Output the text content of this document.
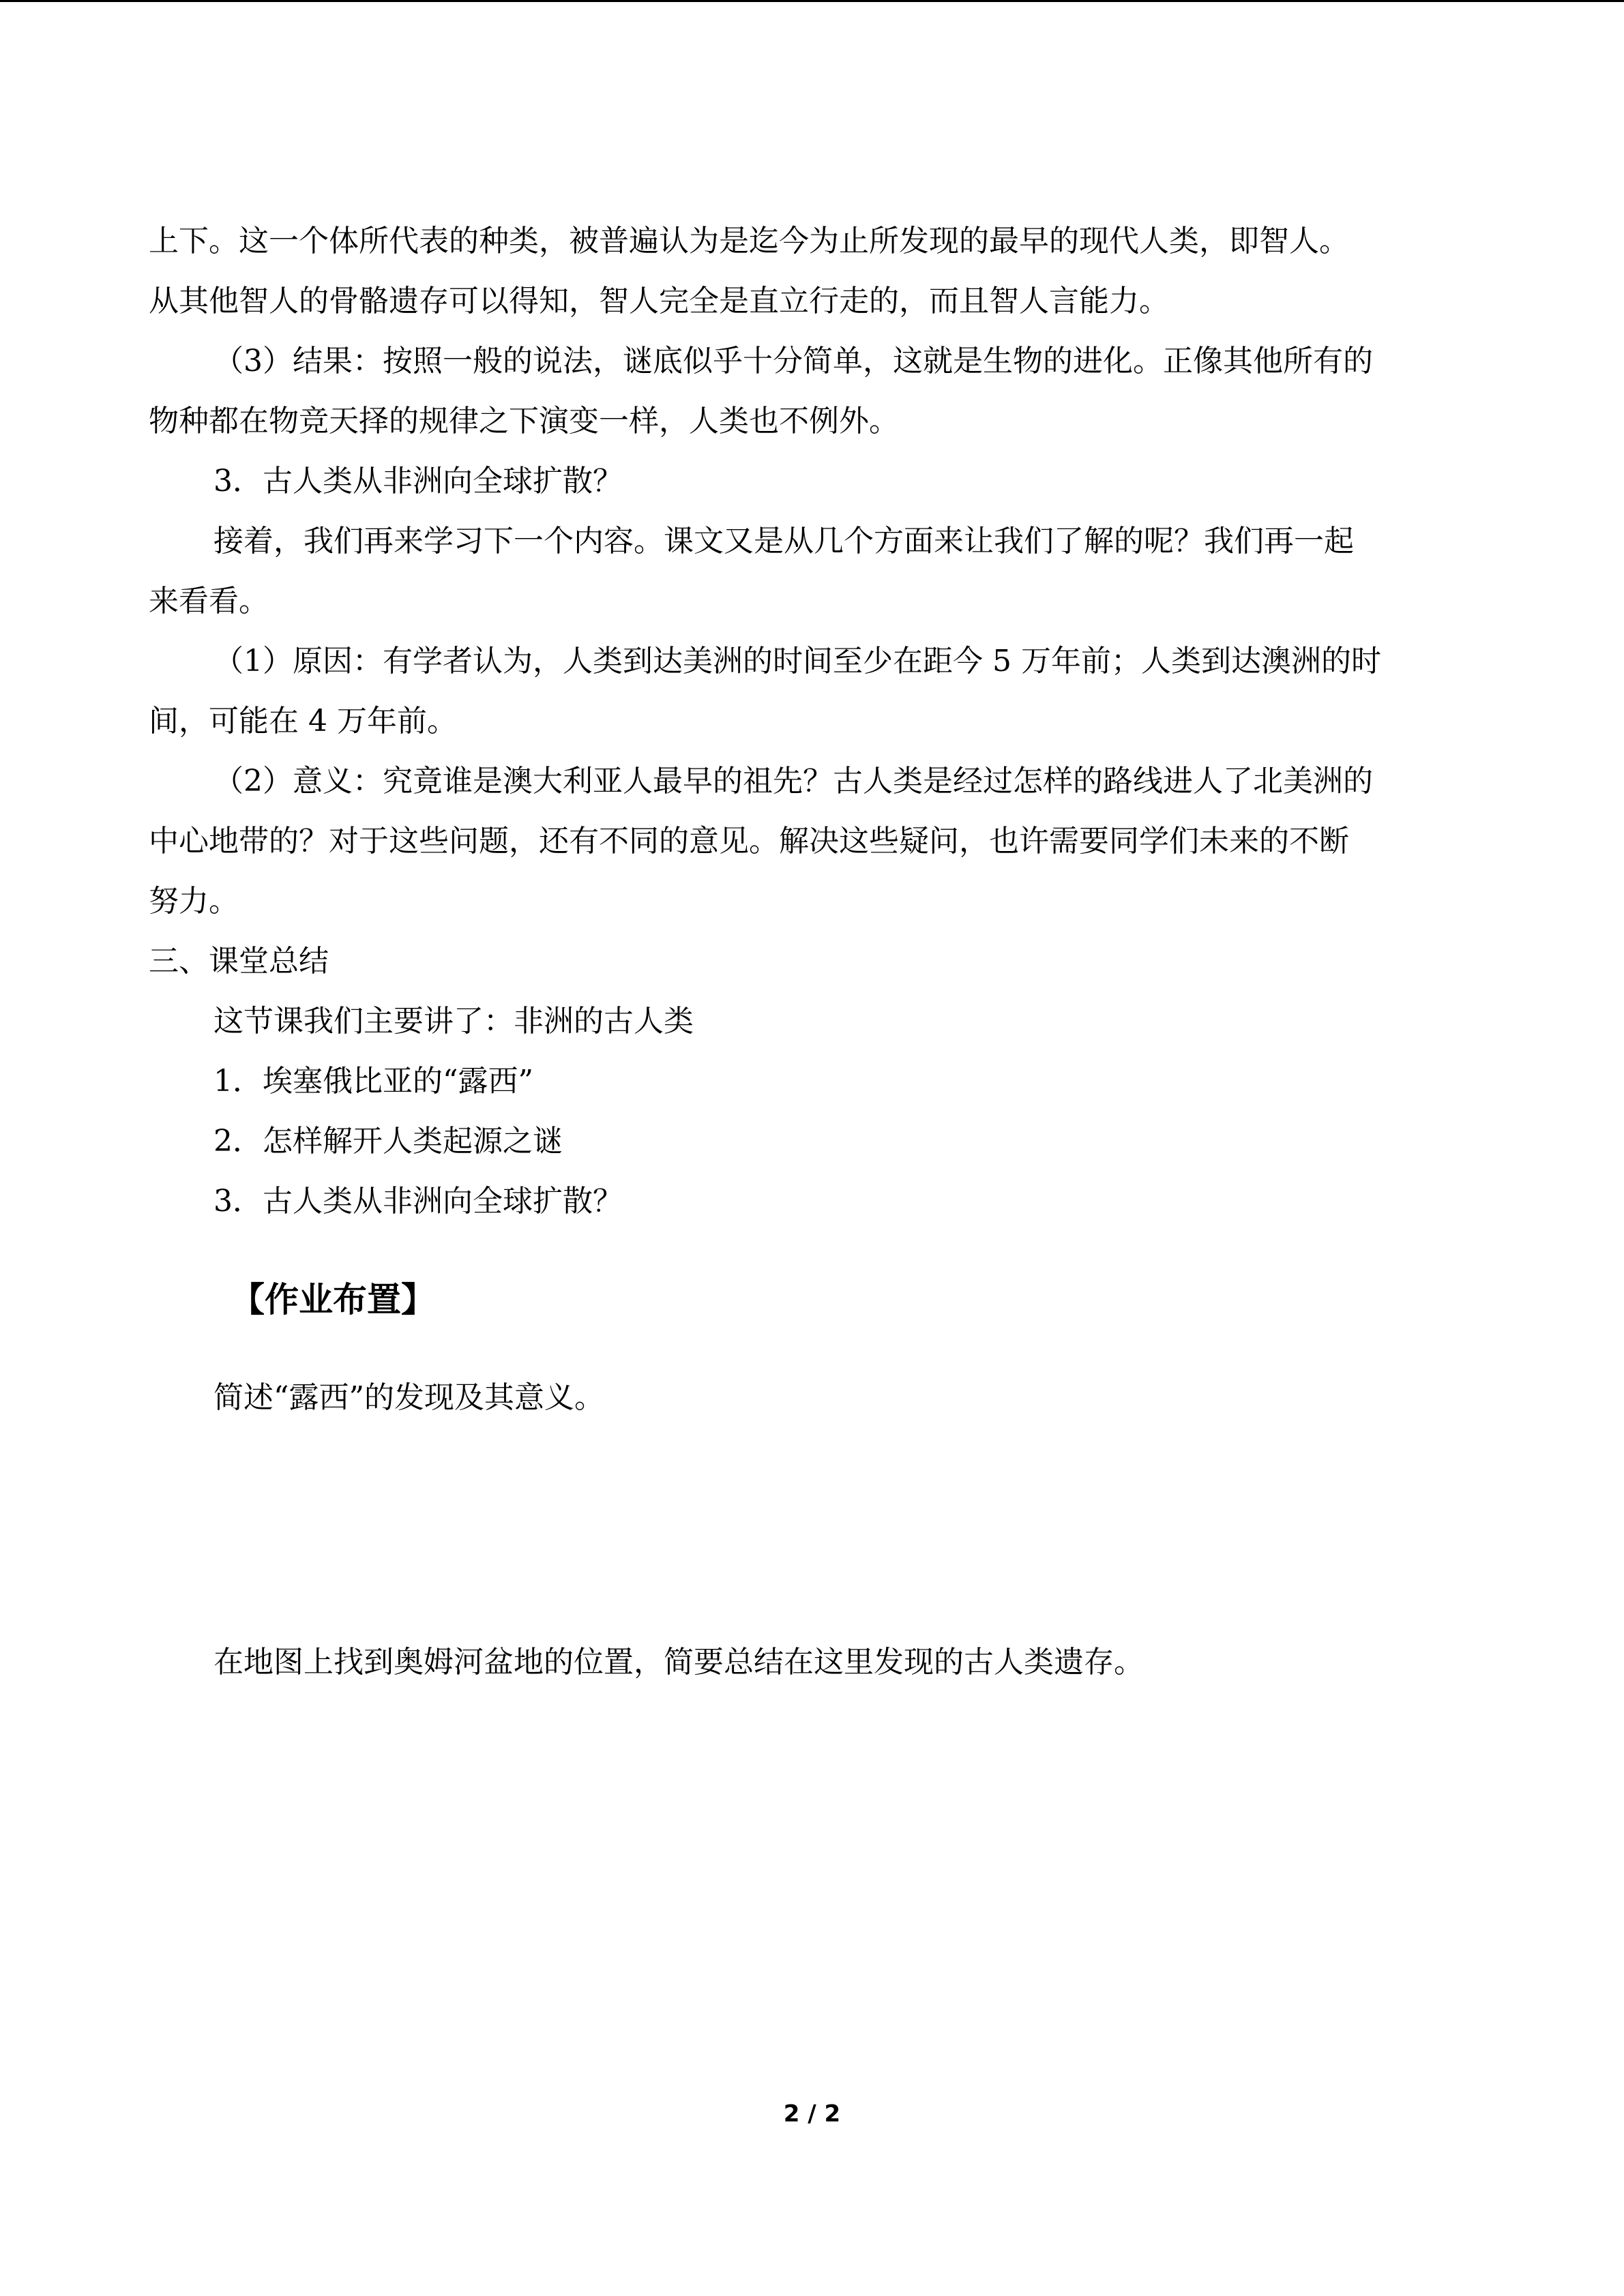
上下。这一个体所代表的种类，被普遍认为是迄今为止所发现的最早的现代人类，即智人。

从其他智人的骨骼遗存可以得知，智人完全是直立行走的，而且智人言能力。

（3）结果：按照一般的说法，谜底似乎十分简单，这就是生物的进化。正像其他所有的

物种都在物竞天择的规律之下演变一样，人类也不例外。

3．古人类从非洲向全球扩散？

接着，我们再来学习下一个内容。课文又是从几个方面来让我们了解的呢？我们再一起

来看看。

（1）原因：有学者认为，人类到达美洲的时间至少在距今 5 万年前；人类到达澳洲的时

间，可能在 4 万年前。

（2）意义：究竟谁是澳大利亚人最早的祖先？古人类是经过怎样的路线进人了北美洲的

中心地带的？对于这些问题，还有不同的意见。解决这些疑问，也许需要同学们未来的不断

努力。

三、课堂总结

这节课我们主要讲了：非洲的古人类

1．埃塞俄比亚的“露西”

2．怎样解开人类起源之谜

3．古人类从非洲向全球扩散？

【作业布置】

简述“露西”的发现及其意义。

在地图上找到奥姆河盆地的位置，简要总结在这里发现的古人类遗存。

2 / 2
